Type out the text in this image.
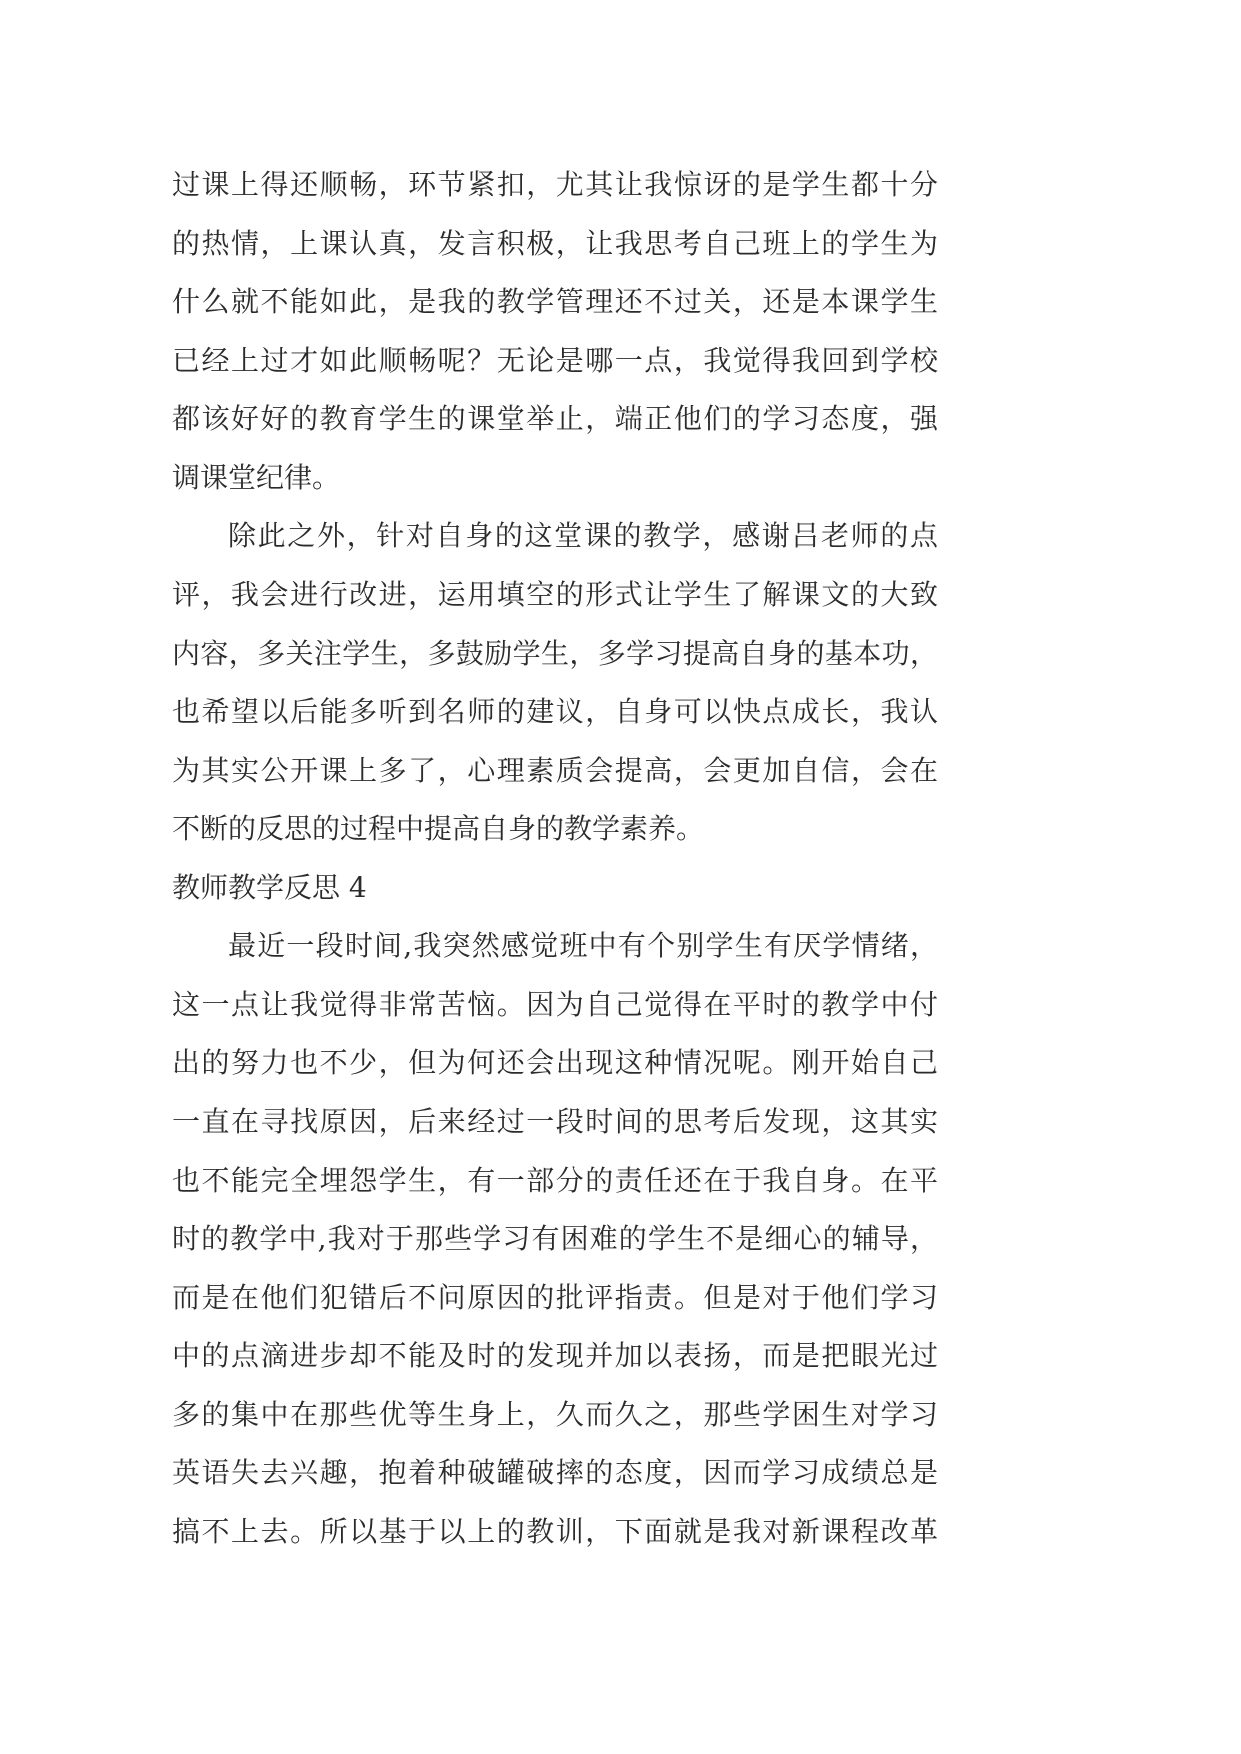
过课上得还顺畅，环节紧扣，尤其让我惊讶的是学生都十分
的热情，上课认真，发言积极，让我思考自己班上的学生为
什么就不能如此，是我的教学管理还不过关，还是本课学生
已经上过才如此顺畅呢？无论是哪一点，我觉得我回到学校
都该好好的教育学生的课堂举止，端正他们的学习态度，强
调课堂纪律。
除此之外，针对自身的这堂课的教学，感谢吕老师的点
评，我会进行改进，运用填空的形式让学生了解课文的大致
内容，多关注学生，多鼓励学生，多学习提高自身的基本功，
也希望以后能多听到名师的建议，自身可以快点成长，我认
为其实公开课上多了，心理素质会提高，会更加自信，会在
不断的反思的过程中提高自身的教学素养。
教师教学反思 4
最近一段时间,我突然感觉班中有个别学生有厌学情绪，
这一点让我觉得非常苦恼。因为自己觉得在平时的教学中付
出的努力也不少，但为何还会出现这种情况呢。刚开始自己
一直在寻找原因，后来经过一段时间的思考后发现，这其实
也不能完全埋怨学生，有一部分的责任还在于我自身。在平
时的教学中,我对于那些学习有困难的学生不是细心的辅导，
而是在他们犯错后不问原因的批评指责。但是对于他们学习
中的点滴进步却不能及时的发现并加以表扬，而是把眼光过
多的集中在那些优等生身上，久而久之，那些学困生对学习
英语失去兴趣，抱着种破罐破摔的态度，因而学习成绩总是
搞不上去。所以基于以上的教训，下面就是我对新课程改革
